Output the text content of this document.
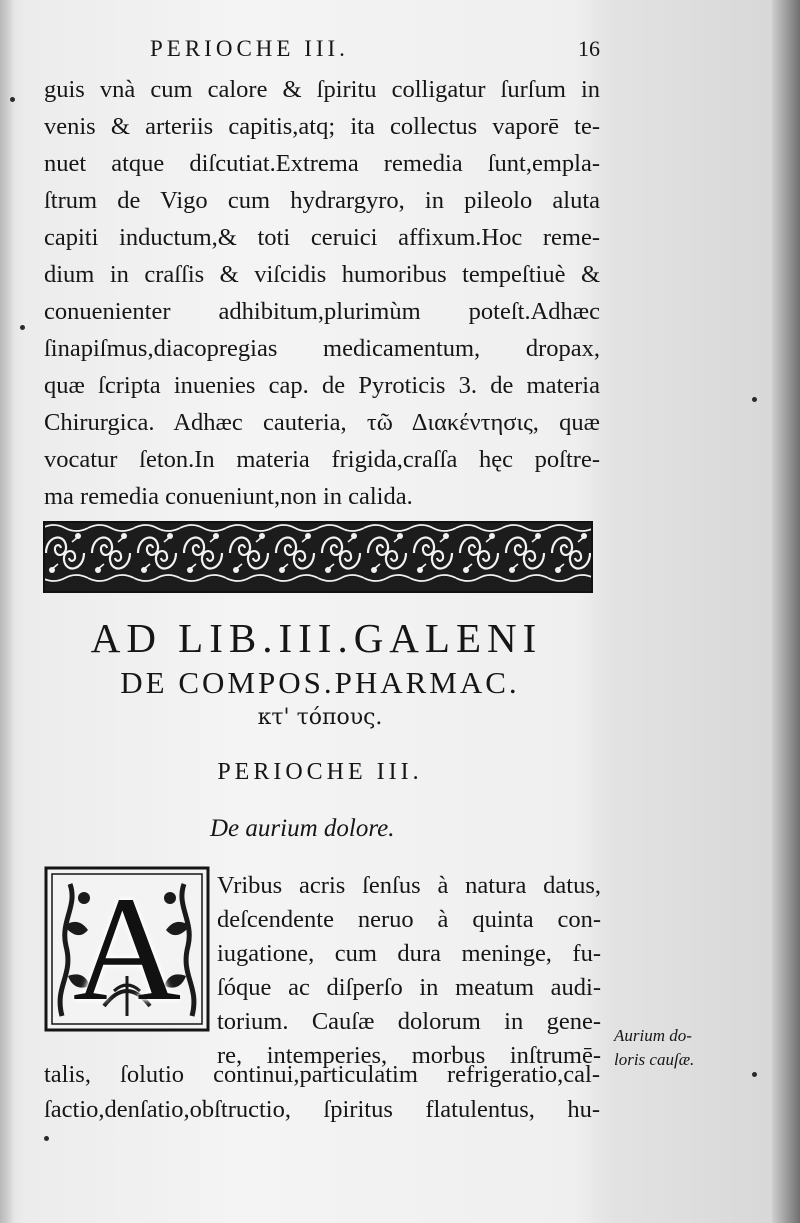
PERIOCHE III.	16
guis vnà cum calore & ſpiritu colligatur ſurſum in
venis & arteriis capitis,atq; ita collectus vaporē te-
nuet atque diſcutiat.Extrema remedia ſunt,empla-
ſtrum de Vigo cum hydrargyro, in pileolo aluta
capiti inductum,& toti ceruici affixum.Hoc reme-
dium in craſſis & viſcidis humoribus tempeſtiuè &
conuenienter adhibitum,plurimùm poteſt.Adhæc
ſinapiſmus,diacopregias medicamentum, dropax,
quæ ſcripta inuenies cap. de Pyroticis 3. de materia
Chirurgica. Adhæc cauteria, τῶ Διακέντησις, quæ
vocatur ſeton.In materia frigida,craſſa hęc poſtre-
ma remedia conueniunt,non in calida.
AD LIB.III.GALENI
DE COMPOS.PHARMAC.
κτ' τόπους.
PERIOCHE III.
De aurium dolore.
A	Vribus acris ſenſus à natura datus,
deſcendente neruo à quinta con-
iugatione, cum dura meninge, fu-
ſóque ac diſperſo in meatum audi-
torium. Cauſæ dolorum in gene-
re, intemperies, morbus inſtrumē-
talis, ſolutio continui,particulatim refrigeratio,cal-
ſactio,denſatio,obſtructio, ſpiritus flatulentus, hu-
Aurium do-
loris cauſæ.
